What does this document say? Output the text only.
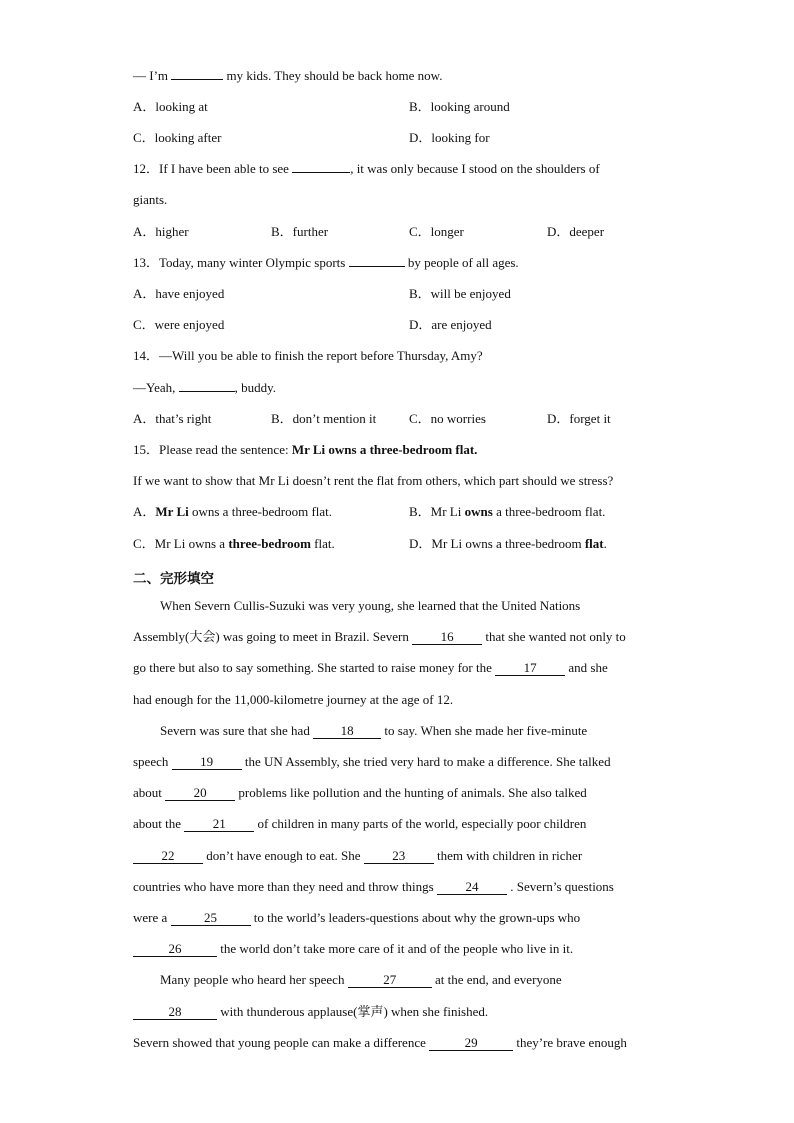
— I’m	my kids. They should be back home now.
A．looking at	B．looking around
C．looking after	D．looking for
12．If I have been able to see	, it was only because I stood on the shoulders of
giants.
A．higher	B．further	C．longer	D．deeper
13．Today, many winter Olympic sports	by people of all ages.
A．have enjoyed	B．will be enjoyed
C．were enjoyed	D．are enjoyed
14．—Will you be able to finish the report before Thursday, Amy?
—Yeah,	, buddy.
A．that’s right	B．don’t mention it	C．no worries	D．forget it
15．Please read the sentence: Mr Li owns a three-bedroom flat.
If we want to show that Mr Li doesn’t rent the flat from others, which part should we stress?
A．Mr Li owns a three-bedroom flat.	B．Mr Li owns a three-bedroom flat.
C．Mr Li owns a three-bedroom flat.	D．Mr Li owns a three-bedroom flat.
二、完形填空
When Severn Cullis-Suzuki was very young, she learned that the United Nations
Assembly(大会) was going to meet in Brazil. Severn 16 that she wanted not only to
go there but also to say something. She started to raise money for the 17 and she
had enough for the 11,000-kilometre journey at the age of 12.
Severn was sure that she had 18 to say. When she made her five-minute
speech 19 the UN Assembly, she tried very hard to make a difference. She talked
about 20 problems like pollution and the hunting of animals. She also talked
about the 21 of children in many parts of the world, especially poor children
22 don’t have enough to eat. She 23 them with children in richer
countries who have more than they need and throw things 24 . Severn’s questions
were a	25	to the world’s leaders-questions about why the grown-ups who
26	the world don’t take more care of it and of the people who live in it.
Many people who heard her speech	27	at the end, and everyone
28	with thunderous applause(掌声) when she finished.
Severn showed that young people can make a difference	29	they’re brave enough
